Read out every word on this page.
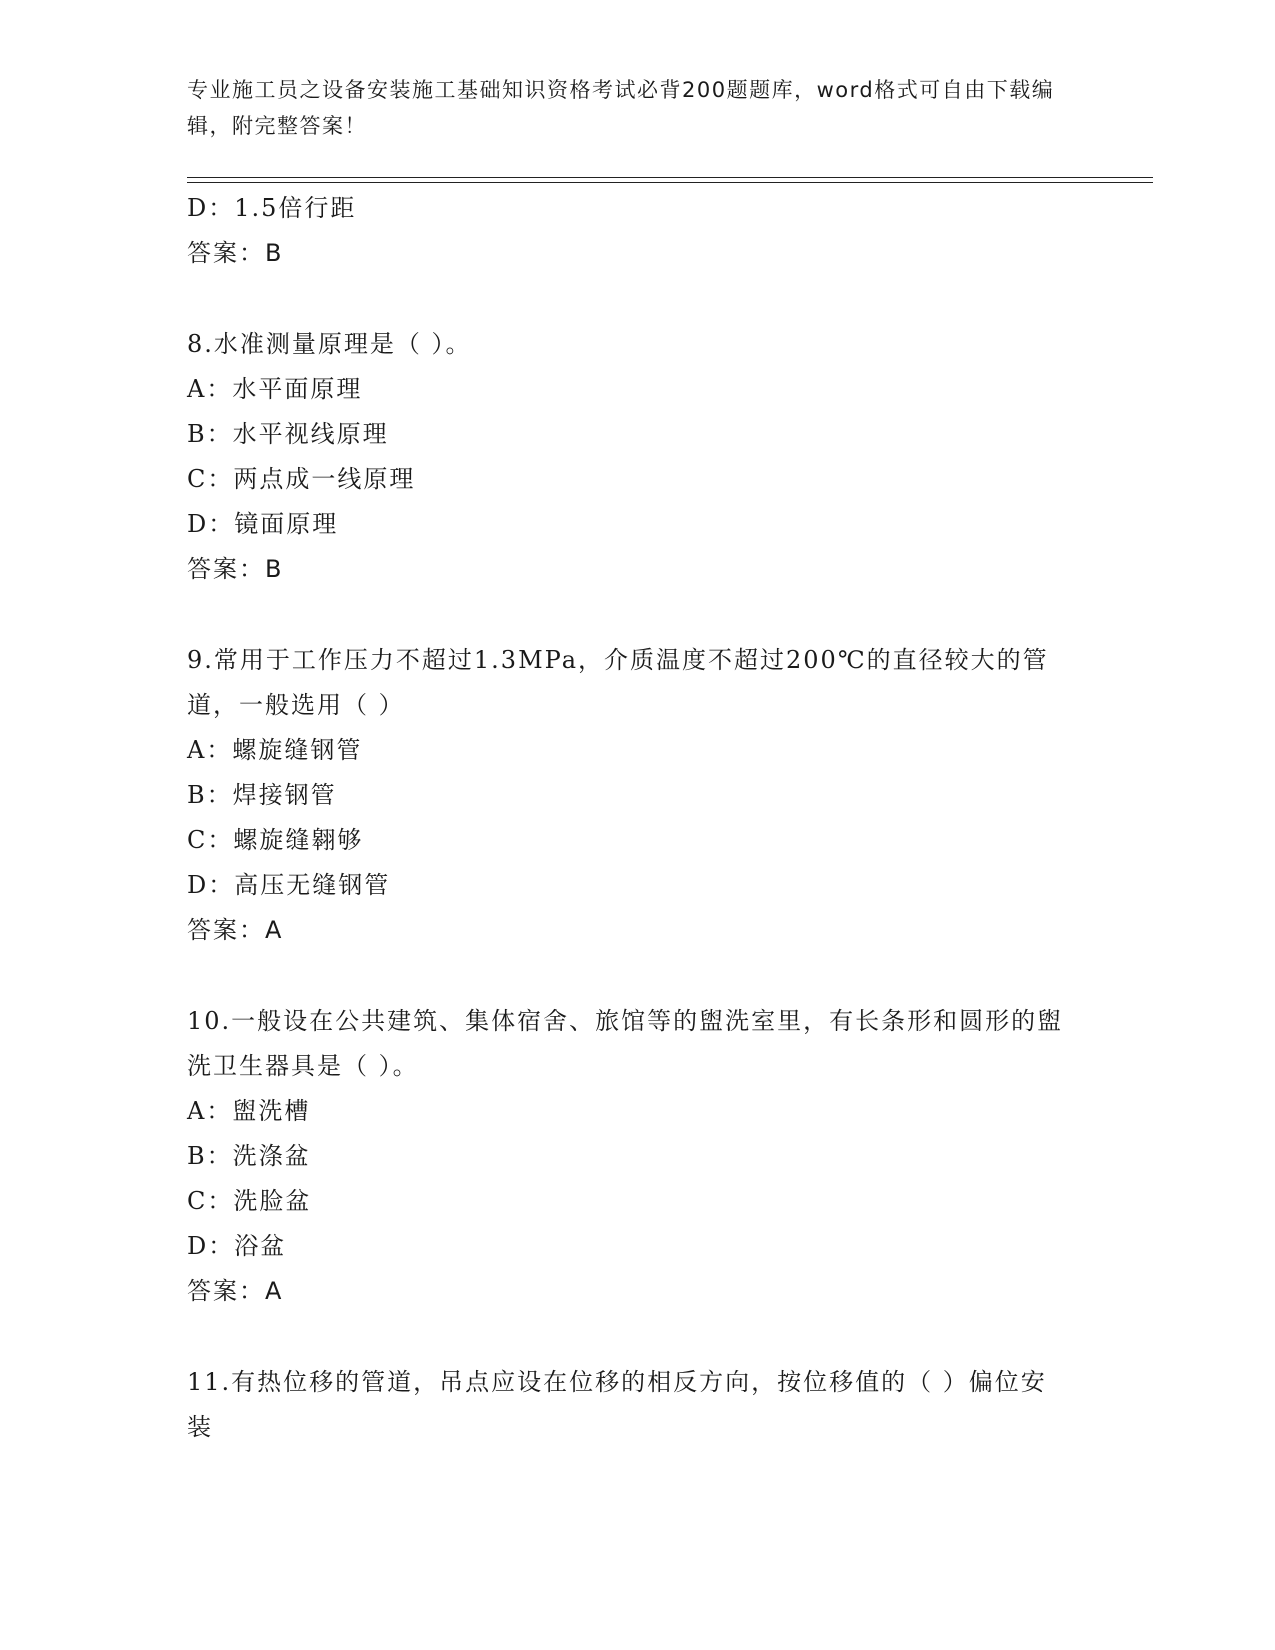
专业施工员之设备安装施工基础知识资格考试必背200题题库，word格式可自由下载编辑，附完整答案！
D：1.5倍行距
答案：B
8.水准测量原理是（ ）。
A：水平面原理
B：水平视线原理
C：两点成一线原理
D：镜面原理
答案：B
9.常用于工作压力不超过1.3MPa，介质温度不超过200℃的直径较大的管道，一般选用（ ）
A：螺旋缝钢管
B：焊接钢管
C：螺旋缝翱够
D：高压无缝钢管
答案：A
10.一般设在公共建筑、集体宿舍、旅馆等的盥洗室里，有长条形和圆形的盥洗卫生器具是（ ）。
A：盥洗槽
B：洗涤盆
C：洗脸盆
D：浴盆
答案：A
11.有热位移的管道，吊点应设在位移的相反方向，按位移值的（ ）偏位安装
